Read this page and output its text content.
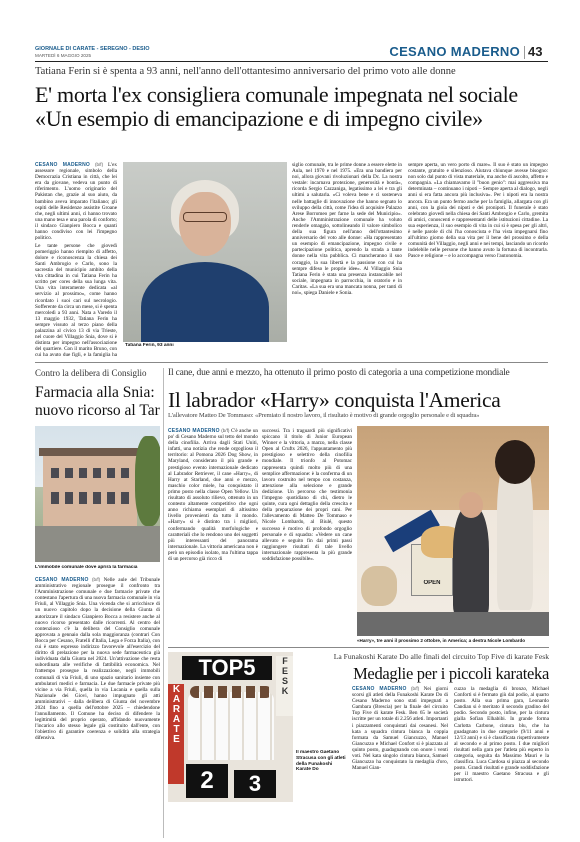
GIORNALE DI CARATE - SEREGNO - DESIO
MARTEDÌ 6 MAGGIO 2025	CESANO MADERNO 43
Tatiana Ferin si è spenta a 93 anni, nell'anno dell'ottantesimo anniversario del primo voto alle donne
E' morta l'ex consigliera comunale impegnata nel sociale
«Un esempio di emancipazione e di impegno civile»

CESANO MADERNO (b/f) L'ex assessore regionale, simbolo della Democrazia Cristiana in città, che lei era da giovane, vedeva un punto di riferimento. L'uomo originario del Pakistan che, grazie al suo aiuto, da bambino aveva imparato l'italiano; gli ospiti delle Residenze assistite Groane che, negli ultimi anni, ci hanno trovato una mano tesa e una parola di conforto; il sindaco Gianpiero Bocca e quanti hanno condiviso con lei l'impegno politico.

Le tante persone che giovedì pomeriggio hanno riempito di affetto, dolore e riconoscenza la chiesa dei Santi Ambrogio e Carlo, sono la sacrestia del municipio ambito della vita cittadina in cui Tatiana Ferin ha scritto per cores della sua lunga vita. Una vita interamente dedicata «al servizio al prossimo», come hanno ricordato i suoi cari sul necrologio. Sofferente da circa un mese, si è spenta mercoledì a 93 anni. Nata a Varedo il 13 maggio 1932, Tatiana Ferin ha sempre vissuto al terzo piano della palazzina al civico 13 di via Trieste, nel cuore del Villaggio Snia, dove si è distinta per impegno nell'associazione del quartiere. Con il marito Bruno, con cui ha avuto due figli, e la famiglia ha

Tatiana Ferin, 93 anni

siglio comunale, tra le prime donne a essere elette in Aula, nel 1970 e nel 1975. «Era una bandiera per noi, allora giovani rivoluzionari della Dc. La nostra vestale: incarnava protezione, generosità e bontà», ricorda Sergio Cazzaniga, legatissimo a lei e tra gli ultimi a salutarla. «Ci voleva bene e ci sosteneva nelle battaglie di innovazione che hanno segnato lo sviluppo della città, come l'idea di acquisire Palazzo Arese Borromeo per farne la sede del Municipio». Anche l'Amministrazione comunale ha voluto renderle omaggio, sottolineando il valore simbolico della sua figura nell'anno dell'ottantesimo anniversario del voto alle donne: «Ha rappresentato un esempio di emancipazione, impegno civile e partecipazione politica, aprendo la strada a tante donne nella vita pubblica. Ci mancheranno il suo coraggio, la sua libertà e la passione con cui ha sempre difeso le proprie idee». Al Villaggio Snia Tatiana Ferin è stata una presenza instancabile nel sociale, impegnata in parrocchia, in oratorio e in Caritas. «La sua era una mancata nonna, per tanti di noi», spiega Daniele e Sonia.

sempre aperta, un vero porto di mare». Il suo è stato un impegno costante, gratuito e silenzioso. Aiutava chiunque avesse bisogno: non solo dal punto di vista materiale, ma anche di ascolto, affetto e compagnia. «La chiamavamo il "buon genio": mai aggressiva ma determinata – continuano i nipoti – Sempre aperta al dialogo, negli anni si era fatta ancora più inclusiva». Per i nipoti era la nostra ancora. Era un punto fermo anche per la famiglia, allargata con gli anni, con la gioia dei nipoti e dei pronipoti. Il funerale è stato celebrato giovedì nella chiesa dei Santi Ambrogio e Carlo, gremita di amici, conoscenti e rappresentanti delle istituzioni cittadine. La sua esperienza, il suo esempio di vita in cui si è spesa per gli altri, è nelle parole di chi l'ha conosciuta e l'ha vista impegnarsi fino all'ultimo giorno della sua vita per il bene del prossimo e della comunità del Villaggio, negli anni e nei tempi, lasciando un ricordo indelebile nelle persone che hanno avuto la fortuna di incontrarla. Pasce e religione – e lo accompagna verso l'autonomia.

Contro la delibera di Consiglio
Farmacia alla Snia: nuovo ricorso al Tar
L'immobile comunale dove aprirà la farmacia

CESANO MADERNO (b/f) Nelle aule del Tribunale amministrativo regionale prosegue il confronto tra l'Amministrazione comunale e due farmacie private che contestano l'apertura di una nuova farmacia comunale in via Friuli, al Villaggio Snia. Una vicenda che si arricchisce di un nuovo capitolo dopo la decisione della Giunta di autorizzare il sindaco Gianpiero Bocca a resistere anche al nuovo ricorso presentato dalle ricorrenti. Al centro del contenzioso c'è la delibera del Consiglio comunale approvata a gennaio dalla sola maggioranza (contrari Con Bocca per Cesano, Fratelli d'Italia, Lega e Forza Italia), con cui è stato espresso indirizzo favorevole all'esercizio del diritto di prelazione per la nuova sede farmaceutica già individuata dalla Giunta nel 2024. Un'attivazione che resta subordinata alle verifiche di fattibilità economica. Nel frattempo prosegue la realizzazione, negli immobili comunali di via Friuli, di uno spazio sanitario insieme con ambulatori medici e farmacia. Le due farmacie private più vicine a via Friuli, quella in via Lucania e quella sulla Nazionale dei Giovi, hanno impugnato gli atti amministrativi – dalla delibera di Giunta del novembre 2024 fino a quella dell'ottobre 2025 – chiedendone l'annullamento. Il Comune ha deciso di difendere la legittimità del proprio operato, affidando nuovamente l'incarico allo stesso legale già costituito dall'ente, con l'obiettivo di garantire coerenza e solidità alla strategia difensiva.

Il cane, due anni e mezzo, ha ottenuto il primo posto di categoria a una competizione mondiale
Il labrador «Harry» conquista l'America
L'allevatore Matteo De Tommaso: «Premiato il nostro lavoro, il risultato è motivo di grande orgoglio personale e di squadra»

CESANO MADERNO (b/f) C'è anche un po' di Cesano Maderno sul tetto del mondo della cinofilia. Arriva dagli Stati Uniti, infatti, una notizia che rende orgoglioso il territorio: al Pomona 2026 Dog Show, in Maryland, considerato il più grande e prestigioso evento internazionale dedicato al Labrador Retriever, il cane «Harry», di Harry at Starland, due anni e mezzo, maschio color miele, ha conquistato il primo posto nella classe Open Yellow. Un risultato di assoluto rilievo, ottenuto in un contesto altamente competitivo che ogni anno richiama esemplari di altissimo livello provenienti da tutto il mondo. «Harry» si è distinto tra i migliori, confermando qualità morfologiche e caratteriali che lo rendono uno dei soggetti più interessanti del panorama internazionale. La vittoria americana non è però un episodio isolato, ma l'ultima tappa di un percorso già ricco di

successi. Tra i traguardi più significativi spiccano il titolo di Junior European Winner e la vittoria, a marzo, nella classe Open al Crufts 2026, l'appuntamento più prestigioso e selettivo della cinofilia mondiale. Il trionfo al Potomac rappresenta quindi molto più di una semplice affermazione: è la conferma di un lavoro costruito nel tempo con costanza, attenzione alla selezione e grande dedizione. Un percorso che testimonia l'impegno quotidiano di chi, dietro le quinte, cura ogni dettaglio della crescita e della preparazione dei propri cani. Per l'allevamento di Matteo De Tommaso e Nicole Lombardo, al Biulé, questo successo è motivo di profondo orgoglio personale e di squadra: «Vedere un cane allevato e seguito fin dai primi passi raggiungere risultati di tale livello internazionale rappresenta la più grande soddisfazione possibile».

OPEN
«Harry», tre anni il prossimo 2 ottobre, in America; a destra Nicole Lombardo
La Funakoshi Karate Do alle finali del circuito Top Five di karate Fesk
Medaglie per i piccoli karateka
TOP5
KARATE
FESK
2	3
Il maestro Gaetano Stracusa con gli atleti della Funakoshi Karate Do

CESANO MADERNO (b/f) Nei giorni scorsi gli atleti della Funakoshi Karate Do di Cesano Maderno sono stati impegnati a Gambara (Brescia) per la finale del circuito Top Five di karate Fesk. Ben 65 le società iscritte per un totale di 2.256 atleti. Importanti i piazzamenti conquistati dai cesanesi. Nel kata a squadra cintura bianca la coppia formata da Samuel Giancuzzo, Manuel Giancuzzo e Michael Confort si è piazzata al quinto posto, guadagnando con onore i venti voti. Nel kata singolo cintura bianca, Samuel Giancuzzo ha conquistato la medaglia d'oro, Manuel Gian-

cuzzo la medaglia di bronzo, Michael Conforti si è fermato giù dal podio, al quarto posto. Alla sua prima gara, Leonardo Candian si è meritato il secondo gradino del podio. Secondo posto, infine, per la cintura gialla Sofian Elhabibi. In grande forma Carlotta Carbone, cintura blu, che ha guadagnato in due categorie (9/11 anni e 12/13 anni) e si è classificata rispettivamente al secondo e al primo posto. I due migliori risultati nella gara per l'atleta più esperto in categoria, seguita da Massimo Mauri e la classifica. Luca Cardosa si piazza al secondo posto. Grandi risultati e grande soddisfazione per il maestro Gaetano Stracusa e gli istruttori.
